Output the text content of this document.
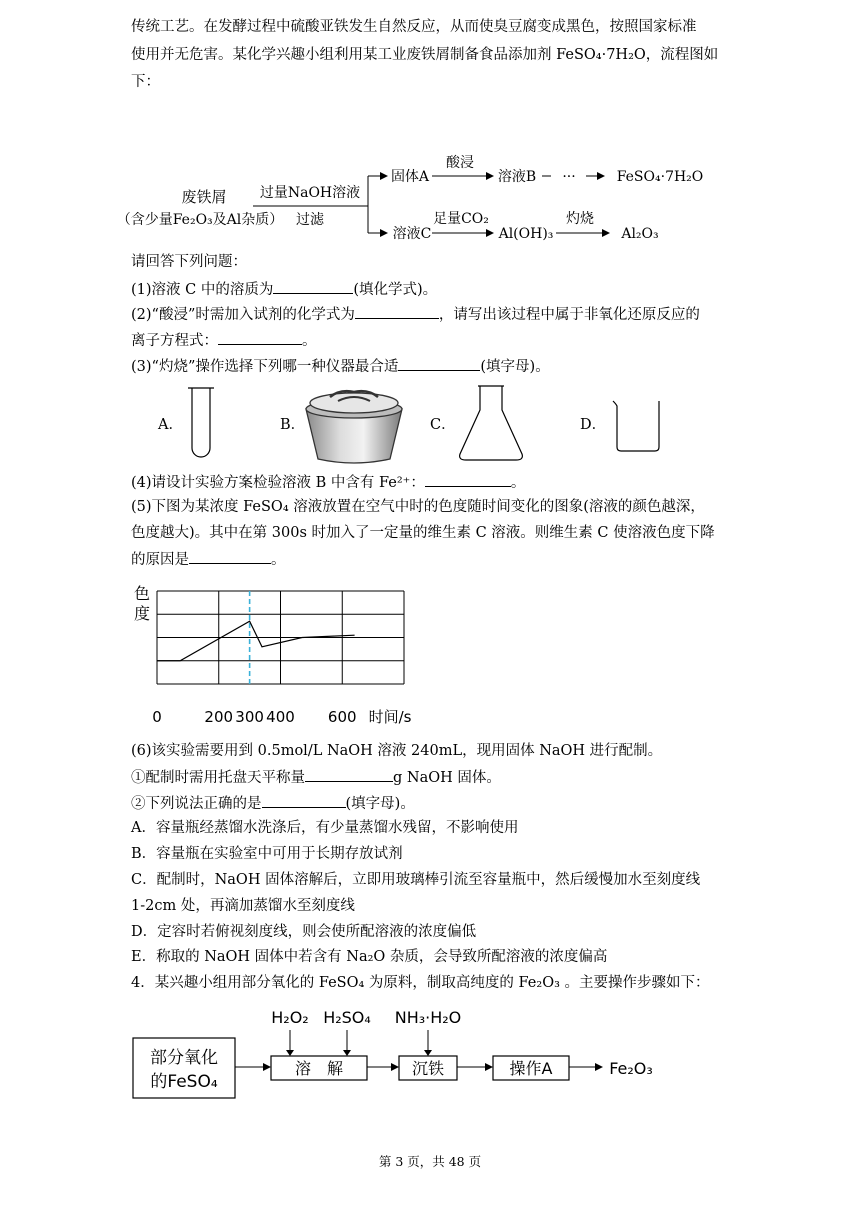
传统工艺。在发酵过程中硫酸亚铁发生自然反应，从而使臭豆腐变成黑色，按照国家标准
使用并无危害。某化学兴趣小组利用某工业废铁屑制备食品添加剂 FeSO₄·7H₂O，流程图如
下：
废铁屑
（含少量Fe₂O₃及Al杂质）
过量NaOH溶液
过滤
固体A
酸浸
溶液B ···	FeSO₄·7H₂O
溶液C
足量CO₂
Al(OH)₃
灼烧
Al₂O₃
请回答下列问题：
(1)溶液 C 中的溶质为	(填化学式)。
(2)“酸浸”时需加入试剂的化学式为	，请写出该过程中属于非氧化还原反应的
离子方程式：	。
(3)“灼烧”操作选择下列哪一种仪器最合适	(填字母)。
A．	B．	C．	D．
(4)请设计实验方案检验溶液 B 中含有 Fe²⁺：	。
(5)下图为某浓度 FeSO₄ 溶液放置在空气中时的色度随时间变化的图象(溶液的颜色越深，
色度越大)。其中在第 300s 时加入了一定量的维生素 C 溶液。则维生素 C 使溶液色度下降
的原因是	。
色
度
0	200 300 400 600 时间/s
(6)该实验需要用到 0.5mol/L NaOH 溶液 240mL，现用固体 NaOH 进行配制。
①配制时需用托盘天平称量	g NaOH 固体。
②下列说法正确的是	(填字母)。
A．容量瓶经蒸馏水洗涤后，有少量蒸馏水残留，不影响使用
B．容量瓶在实验室中可用于长期存放试剂
C．配制时，NaOH 固体溶解后，立即用玻璃棒引流至容量瓶中，然后缓慢加水至刻度线
1-2cm 处，再滴加蒸馏水至刻度线
D．定容时若俯视刻度线，则会使所配溶液的浓度偏低
E．称取的 NaOH 固体中若含有 Na₂O 杂质，会导致所配溶液的浓度偏高
4．某兴趣小组用部分氧化的 FeSO₄ 为原料，制取高纯度的 Fe₂O₃ 。主要操作步骤如下：
部分氧化
的FeSO₄
溶　解
H₂O₂ H₂SO₄
沉铁
NH₃·H₂O
操作A	Fe₂O₃
第 3 页，共 48 页
